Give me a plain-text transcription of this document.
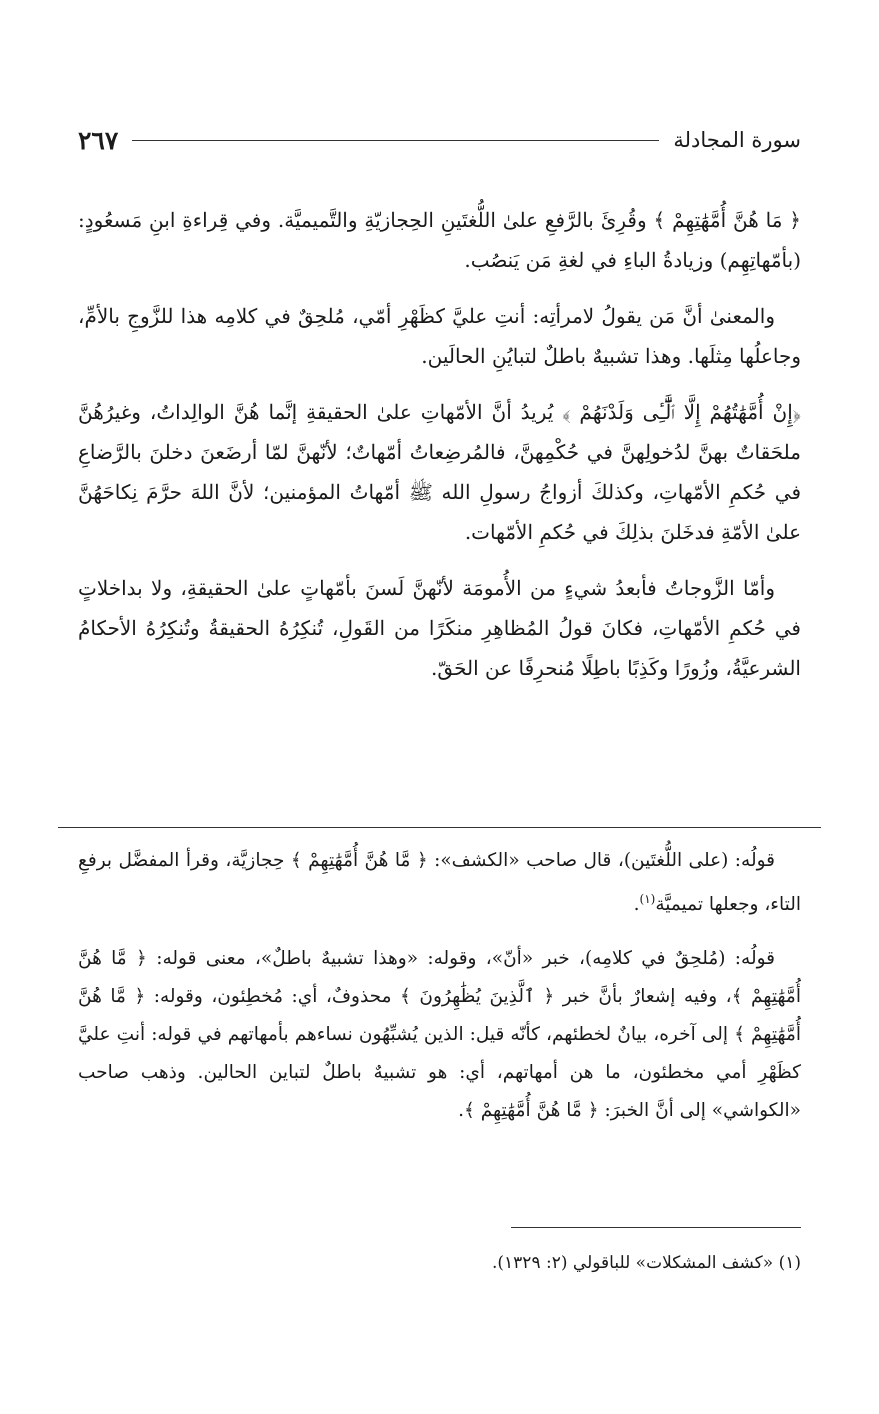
سورة المجادلة
٢٦٧

﴿ مَا هُنَّ أُمَّهَٰتِهِمْ ﴾ وقُرِئَ بالرَّفعِ علىٰ اللُّغتَينِ الحِجازيّةِ والتَّميميَّة. وفي قِراءةِ ابنِ مَسعُودٍ: (بأمّهاتِهِم) وزيادةُ الباءِ في لغةِ مَن يَنصُب.

والمعنىٰ أنَّ مَن يقولُ لامرأتِه: أنتِ عليَّ كظَهْرِ أمّي، مُلحِقٌ في كلامِه هذا للزَّوجِ بالأمِّ، وجاعلُها مِثلَها. وهذا تشبيهٌ باطلٌ لتبايُنِ الحالَين.

﴿إِنْ أُمَّهَٰتُهُمْ إِلَّا ٱلَّٰٓـِٔى وَلَدْنَهُمْ ﴾ يُريدُ أنَّ الأمّهاتِ علىٰ الحقيقةِ إنَّما هُنَّ الوالِداتُ، وغيرُهُنَّ ملحَقاتٌ بهنَّ لدُخولِهنَّ في حُكْمِهنَّ، فالمُرضِعاتُ أمّهاتٌ؛ لأنّهنَّ لمّا أرضَعنَ دخلنَ بالرَّضاعِ في حُكمِ الأمّهاتِ، وكذلكَ أزواجُ رسولِ الله ﷺ أمّهاتُ المؤمنين؛ لأنَّ اللهَ حرَّمَ نِكاحَهُنَّ علىٰ الأمّةِ فدخَلنَ بذلِكَ في حُكمِ الأمّهات.

وأمّا الزَّوجاتُ فأبعدُ شيءٍ من الأُمومَة لأنّهنَّ لَسنَ بأمّهاتٍ علىٰ الحقيقةِ، ولا بداخلاتٍ في حُكمِ الأمّهاتِ، فكانَ قولُ المُظاهِرِ منكَرًا من القَولِ، تُنكِرُهُ الحقيقةُ وتُنكِرُهُ الأحكامُ الشرعيَّةُ، وزُورًا وكَذِبًا باطِلًا مُنحرِفًا عن الحَقّ.

قولُه: (على اللُّغتَين)، قال صاحب «الكشف»: ﴿ مَّا هُنَّ أُمَّهَٰتِهِمْ ﴾ حِجازيَّة، وقرأ المفضَّل برفعِ التاء، وجعلها تميميَّة$^{(١)}$.

قولُه: (مُلحِقٌ في كلامِه)، خبر «أنّ»، وقوله: «وهذا تشبيهٌ باطلٌ»، معنى قوله: ﴿ مَّا هُنَّ أُمَّهَٰتِهِمْ ﴾، وفيه إشعارٌ بأنَّ خبر ﴿ ٱلَّذِينَ يُظَٰهِرُونَ ﴾ محذوفٌ، أي: مُخطِئون، وقوله: ﴿ مَّا هُنَّ أُمَّهَٰتِهِمْ ﴾ إلى آخره، بيانٌ لخطئهم، كأنّه قيل: الذين يُشبِّهُون نساءهم بأمهاتهم في قوله: أنتِ عليَّ كظَهْرِ أمي مخطئون، ما هن أمهاتهم، أي: هو تشبيهٌ باطلٌ لتباين الحالين. وذهب صاحب «الكواشي» إلى أنَّ الخبرَ: ﴿ مَّا هُنَّ أُمَّهَٰتِهِمْ ﴾.

(١) «كشف المشكلات» للباقولي (٢: ١٣٢٩).
